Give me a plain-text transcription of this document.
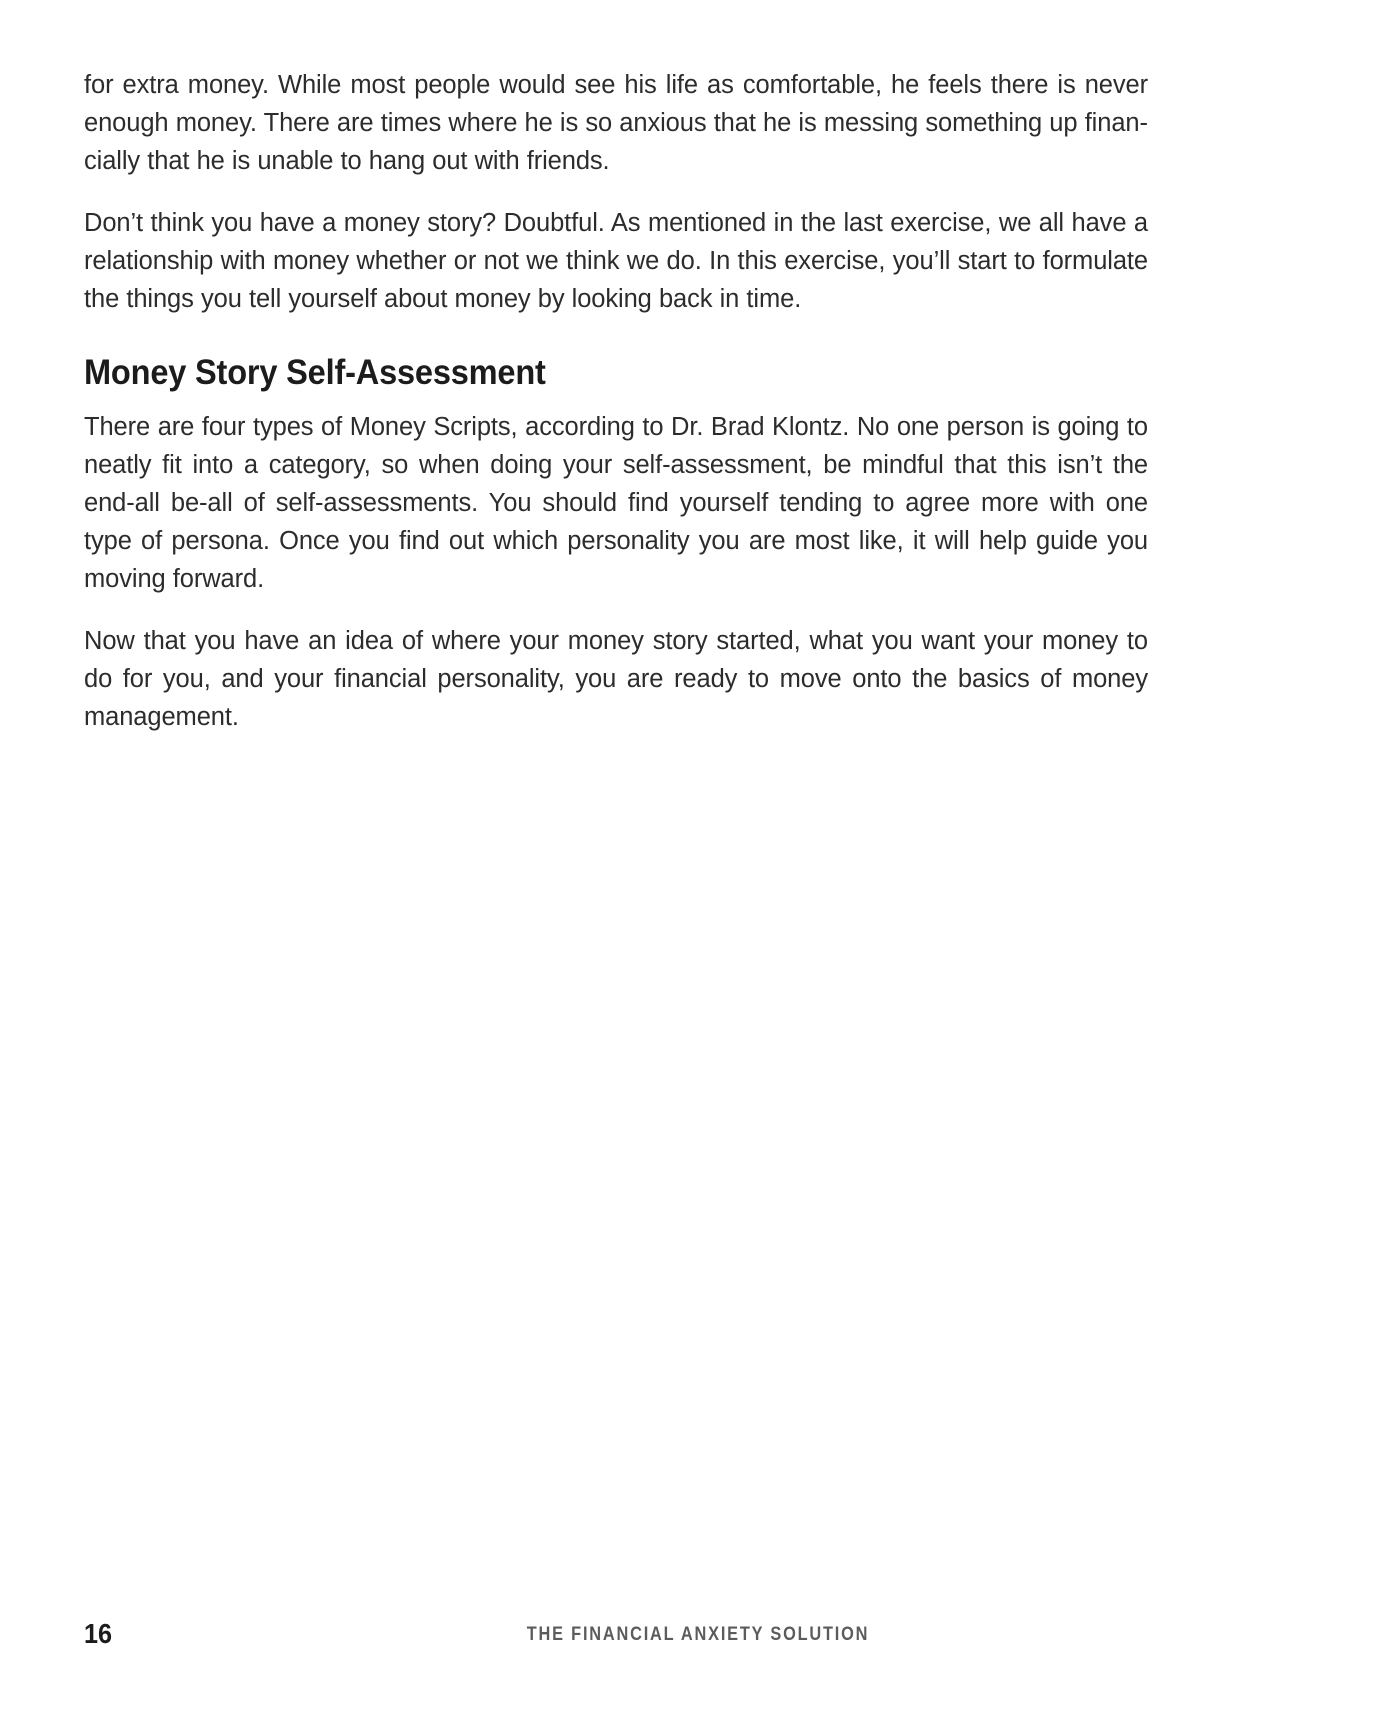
for extra money. While most people would see his life as comfortable, he feels there is never enough money. There are times where he is so anxious that he is messing something up financially that he is unable to hang out with friends.

Don’t think you have a money story? Doubtful. As mentioned in the last exercise, we all have a relationship with money whether or not we think we do. In this exercise, you’ll start to formulate the things you tell yourself about money by looking back in time.

Money Story Self-Assessment

There are four types of Money Scripts, according to Dr. Brad Klontz. No one person is going to neatly fit into a category, so when doing your self-assessment, be mindful that this isn’t the end-all be-all of self-assessments. You should find yourself tending to agree more with one type of persona. Once you find out which personality you are most like, it will help guide you moving forward.

Now that you have an idea of where your money story started, what you want your money to do for you, and your financial personality, you are ready to move onto the basics of money management.

16	THE FINANCIAL ANXIETY SOLUTION
